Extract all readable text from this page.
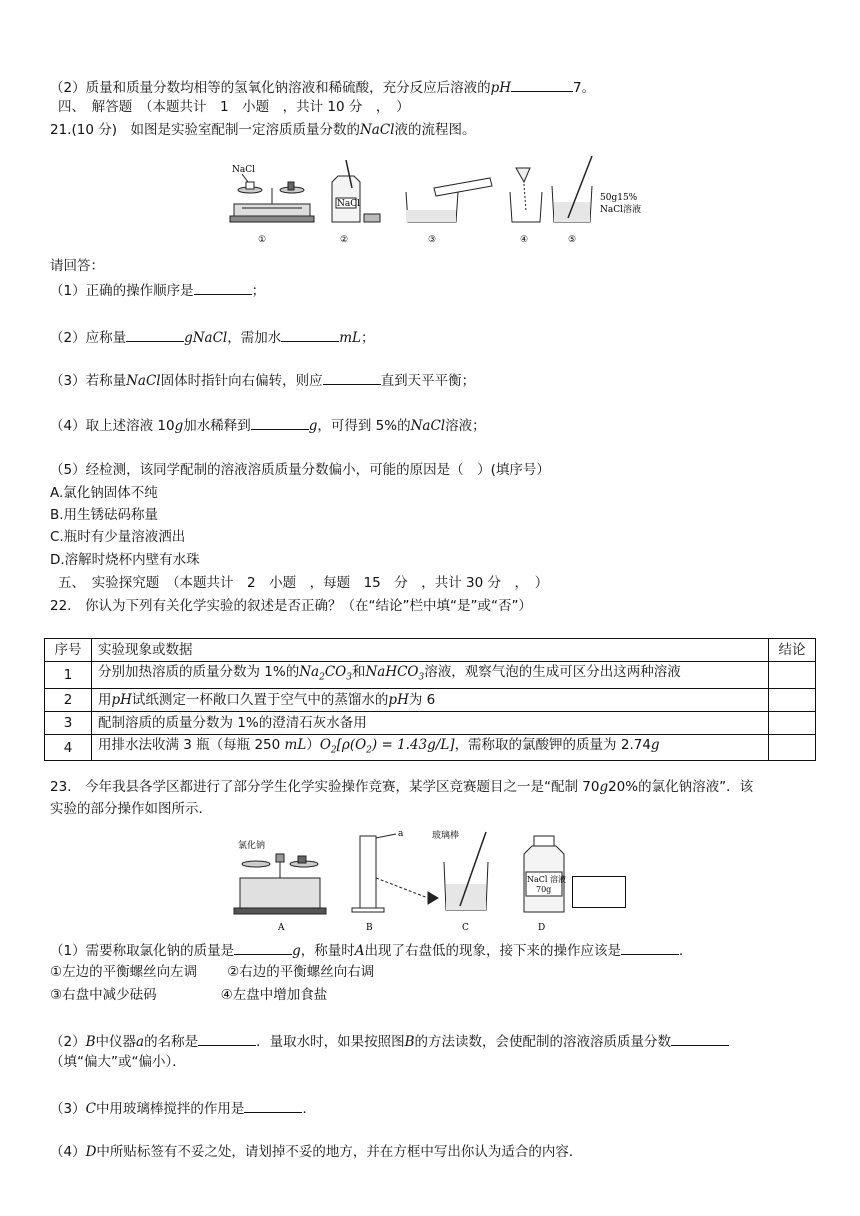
（2）质量和质量分数均相等的氢氧化钠溶液和稀硫酸，充分反应后溶液的pH	7。
四、　解答题　（本题共计　1　小题　，共计 10 分　，　）
21.(10 分)　如图是实验室配制一定溶质质量分数的NaCl液的流程图。
NaCl
NaCl
50g15%
NaCl溶液
①	②	③	④	⑤
请回答：
（1）正确的操作顺序是	；
（2）应称量	gNaCl，需加水	mL；
（3）若称量NaCl固体时指针向右偏转，则应	直到天平平衡；
（4）取上述溶液 10g加水稀释到	g，可得到 5%的NaCl溶液；
（5）经检测，该同学配制的溶液溶质质量分数偏小，可能的原因是（　）(填序号）
A.氯化钠固体不纯
B.用生锈砝码称量
C.瓶时有少量溶液洒出
D.溶解时烧杯内壁有水珠
五、　实验探究题　（本题共计　2　小题　，每题　15　分　，共计 30 分　，　）
22.　你认为下列有关化学实验的叙述是否正确？（在“结论”栏中填“是”或“否”）
序号	实验现象或数据	结论
1	分别加热溶质的质量分数为 1%的$Na_2CO_3$和NaHCO$_3$溶液，观察气泡的生成可区分出这两种溶液	
2	用pH试纸测定一杯敞口久置于空气中的蒸馏水的pH为 6	
3	配制溶质的质量分数为 1%的澄清石灰水备用	
4	用排水法收满 3 瓶（每瓶 250 $mL)O_2[\rho(O_2) = 1.43g/L]$，需称取的氯酸钾的质量为 2.74g	
23.　今年我县各学区都进行了部分学生化学实验操作竞赛，某学区竞赛题目之一是“配制 70g20%的氯化钠溶液”．该
实验的部分操作如图所示．
氯化钠
a	玻璃棒
NaCl 溶液
70g
A	B	C	D
（1）需要称取氯化钠的质量是	g，称量时A出现了右盘低的现象，接下来的操作应该是	．
①左边的平衡螺丝向左调 ②右边的平衡螺丝向右调
③右盘中减少砝码	④左盘中增加食盐
（2）B中仪器a的名称是	．量取水时，如果按照图B的方法读数，会使配制的溶液溶质质量分数
（填“偏大”或“偏小）．
（3）C中用玻璃棒搅拌的作用是	．
（4）D中所贴标签有不妥之处，请划掉不妥的地方，并在方框中写出你认为适合的内容．
